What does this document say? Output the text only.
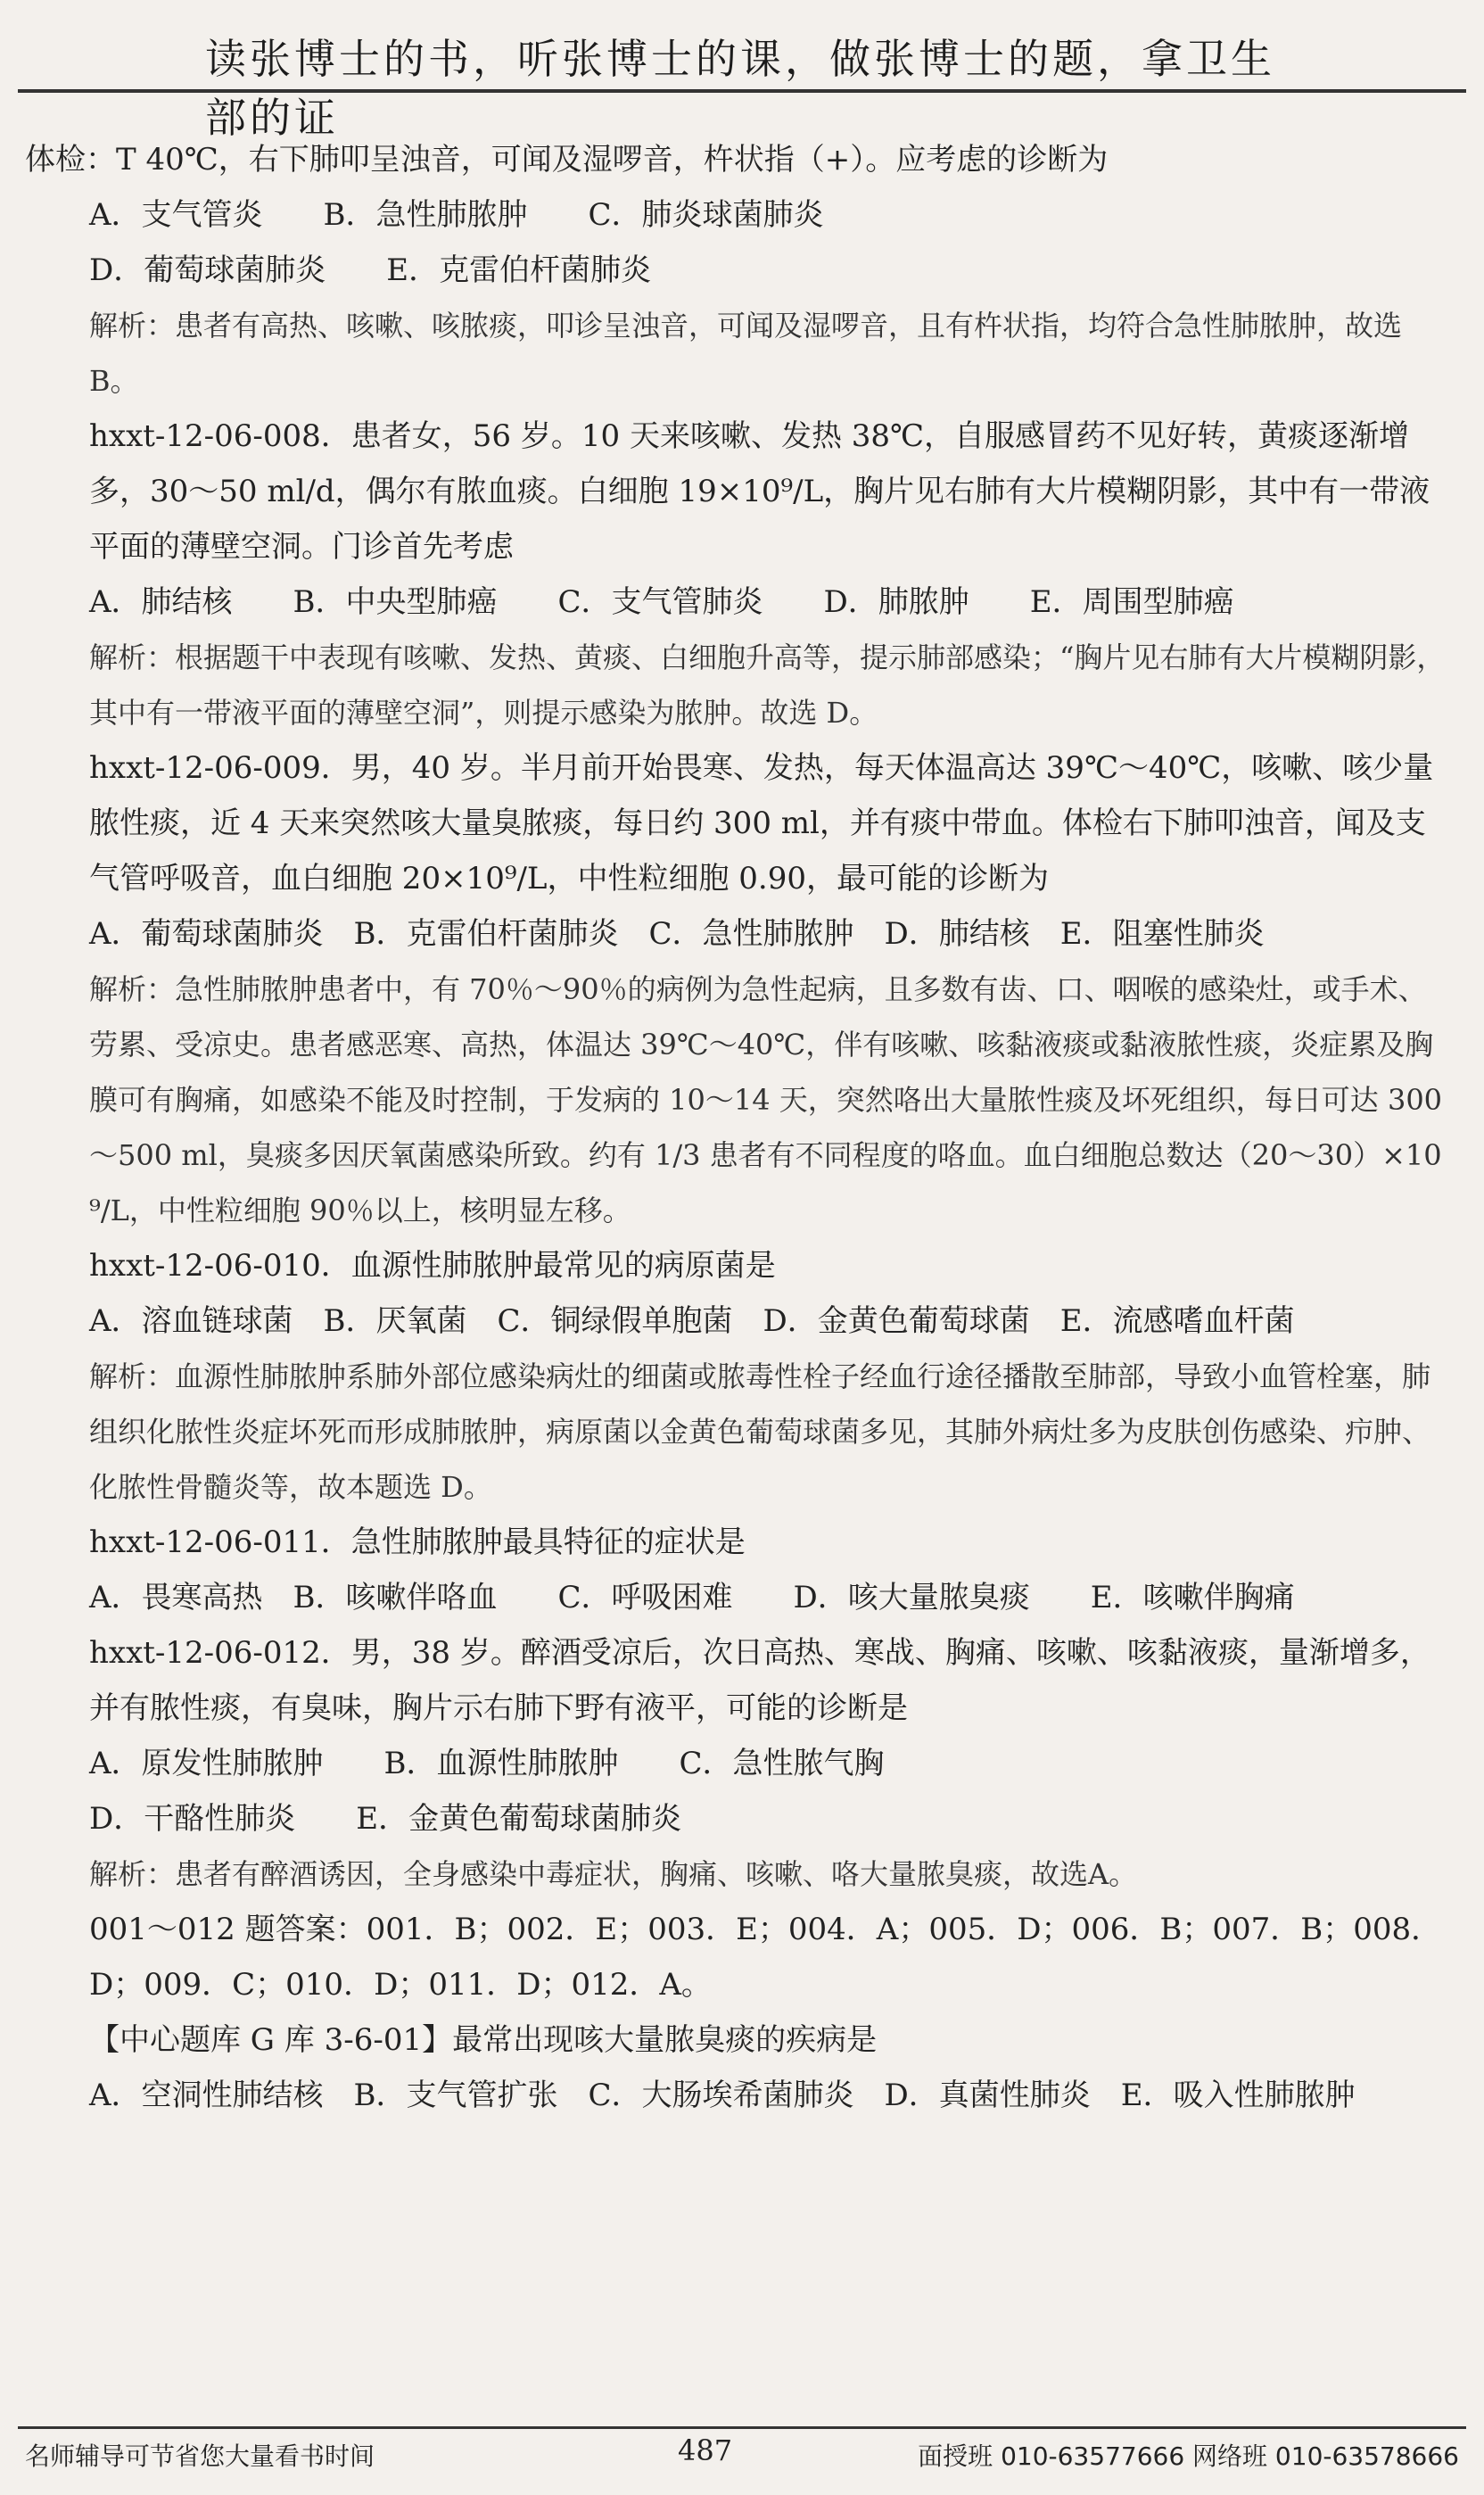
读张博士的书，听张博士的课，做张博士的题，拿卫生部的证

体检：T 40℃，右下肺叩呈浊音，可闻及湿啰音，杵状指（+）。应考虑的诊断为

A．支气管炎　　B．急性肺脓肿　　C．肺炎球菌肺炎

D．葡萄球菌肺炎　　E．克雷伯杆菌肺炎

解析：患者有高热、咳嗽、咳脓痰，叩诊呈浊音，可闻及湿啰音，且有杵状指，均符合急性肺脓肿，故选 B。

hxxt-12-06-008．患者女，56 岁。10 天来咳嗽、发热 38℃，自服感冒药不见好转，黄痰逐渐增多，30～50 ml/d，偶尔有脓血痰。白细胞 19×10⁹/L，胸片见右肺有大片模糊阴影，其中有一带液平面的薄壁空洞。门诊首先考虑

A．肺结核　　B．中央型肺癌　　C．支气管肺炎　　D．肺脓肿　　E．周围型肺癌

解析：根据题干中表现有咳嗽、发热、黄痰、白细胞升高等，提示肺部感染；“胸片见右肺有大片模糊阴影，其中有一带液平面的薄壁空洞”，则提示感染为脓肿。故选 D。

hxxt-12-06-009．男，40 岁。半月前开始畏寒、发热，每天体温高达 39℃～40℃，咳嗽、咳少量脓性痰，近 4 天来突然咳大量臭脓痰，每日约 300 ml，并有痰中带血。体检右下肺叩浊音，闻及支气管呼吸音，血白细胞 20×10⁹/L，中性粒细胞 0.90，最可能的诊断为

A．葡萄球菌肺炎　B．克雷伯杆菌肺炎　C．急性肺脓肿　D．肺结核　E．阻塞性肺炎

解析：急性肺脓肿患者中，有 70％～90％的病例为急性起病，且多数有齿、口、咽喉的感染灶，或手术、劳累、受凉史。患者感恶寒、高热，体温达 39℃～40℃，伴有咳嗽、咳黏液痰或黏液脓性痰，炎症累及胸膜可有胸痛，如感染不能及时控制，于发病的 10～14 天，突然咯出大量脓性痰及坏死组织，每日可达 300～500 ml，臭痰多因厌氧菌感染所致。约有 1/3 患者有不同程度的咯血。血白细胞总数达（20～30）×10⁹/L，中性粒细胞 90％以上，核明显左移。

hxxt-12-06-010．血源性肺脓肿最常见的病原菌是

A．溶血链球菌　B．厌氧菌　C．铜绿假单胞菌　D．金黄色葡萄球菌　E．流感嗜血杆菌

解析：血源性肺脓肿系肺外部位感染病灶的细菌或脓毒性栓子经血行途径播散至肺部，导致小血管栓塞，肺组织化脓性炎症坏死而形成肺脓肿，病原菌以金黄色葡萄球菌多见，其肺外病灶多为皮肤创伤感染、疖肿、化脓性骨髓炎等，故本题选 D。

hxxt-12-06-011．急性肺脓肿最具特征的症状是

A．畏寒高热　B．咳嗽伴咯血　　C．呼吸困难　　D．咳大量脓臭痰　　E．咳嗽伴胸痛

hxxt-12-06-012．男，38 岁。醉酒受凉后，次日高热、寒战、胸痛、咳嗽、咳黏液痰，量渐增多，并有脓性痰，有臭味，胸片示右肺下野有液平，可能的诊断是

A．原发性肺脓肿　　B．血源性肺脓肿　　C．急性脓气胸

D．干酪性肺炎　　E．金黄色葡萄球菌肺炎

解析：患者有醉酒诱因，全身感染中毒症状，胸痛、咳嗽、咯大量脓臭痰，故选A。

001～012 题答案：001．B；002．E；003．E；004．A；005．D；006．B；007．B；008．D；009．C；010．D；011．D；012．A。

【中心题库 G 库 3-6-01】最常出现咳大量脓臭痰的疾病是

A．空洞性肺结核　B．支气管扩张　C．大肠埃希菌肺炎　D．真菌性肺炎　E．吸入性肺脓肿

名师辅导可节省您大量看书时间	487	面授班 010-63577666 网络班 010-63578666
